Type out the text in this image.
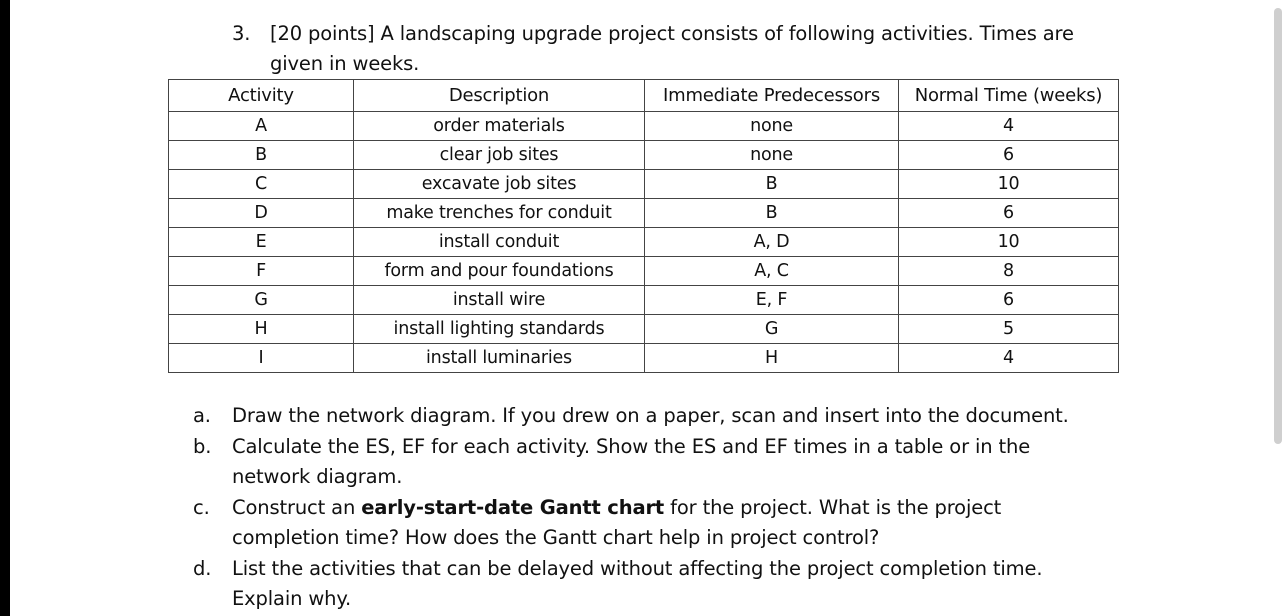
3. [20 points] A landscaping upgrade project consists of following activities. Times are
given in weeks.
Activity	Description	Immediate Predecessors	Normal Time (weeks)
A	order materials	none	4
B	clear job sites	none	6
C	excavate job sites	B	10
D	make trenches for conduit	B	6
E	install conduit	A, D	10
F	form and pour foundations	A, C	8
G	install wire	E, F	6
H	install lighting standards	G	5
I	install luminaries	H	4
a. Draw the network diagram. If you drew on a paper, scan and insert into the document.
b. Calculate the ES, EF for each activity. Show the ES and EF times in a table or in the
network diagram.
c. Construct an early-start-date Gantt chart for the project. What is the project
completion time? How does the Gantt chart help in project control?
d. List the activities that can be delayed without affecting the project completion time.
Explain why.
